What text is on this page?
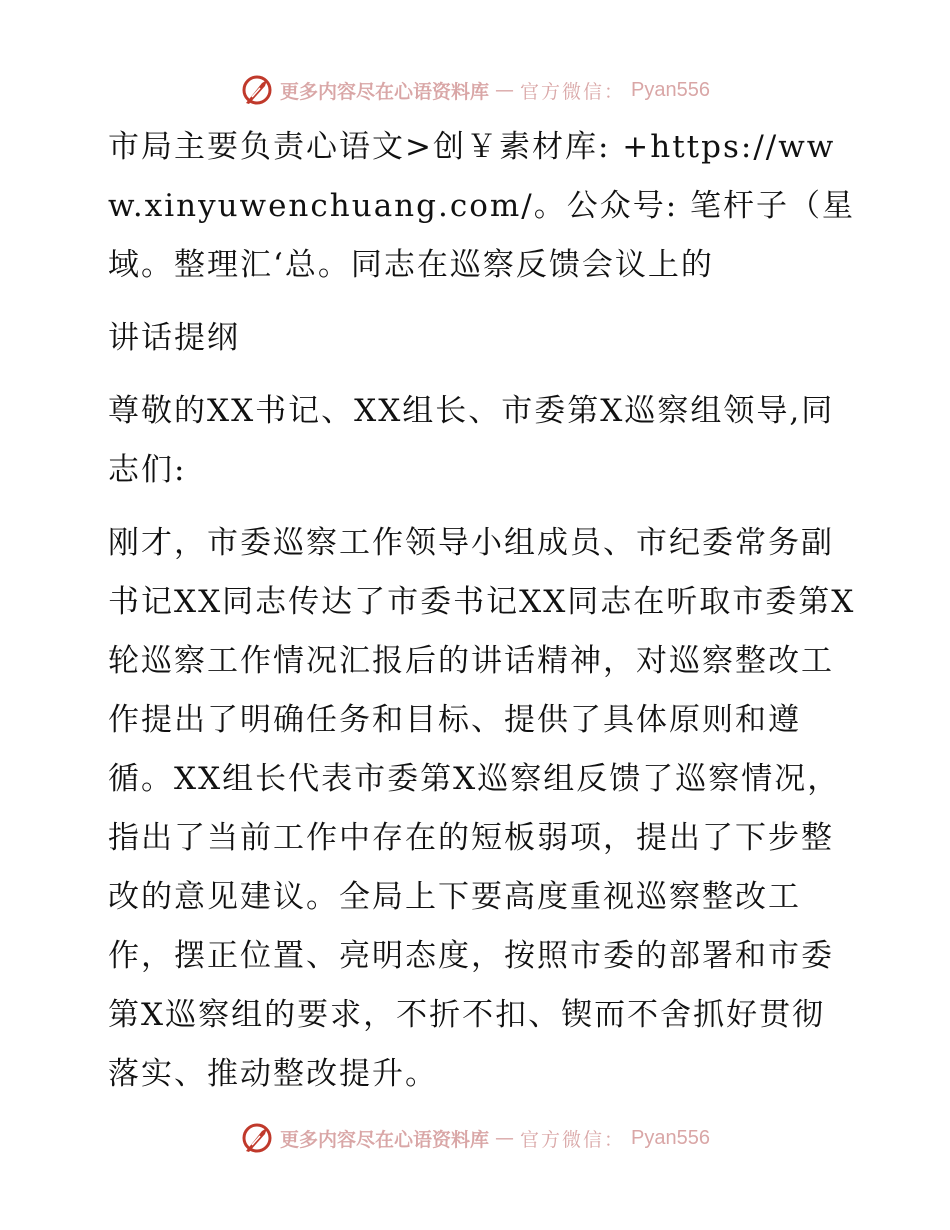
更多内容尽在心语资料库 — 官方微信： Pyan556

市局主要负责心语文>创￥素材库: +https://www.xinyuwenchuang.com/。公众号: 笔杆子（星域。整理汇‘总。同志在巡察反馈会议上的

讲话提纲

尊敬的XX书记、XX组长、市委第X巡察组领导,同志们:

刚才，市委巡察工作领导小组成员、市纪委常务副书记XX同志传达了市委书记XX同志在听取市委第X轮巡察工作情况汇报后的讲话精神，对巡察整改工作提出了明确任务和目标、提供了具体原则和遵循。XX组长代表市委第X巡察组反馈了巡察情况，指出了当前工作中存在的短板弱项，提出了下步整改的意见建议。全局上下要高度重视巡察整改工作，摆正位置、亮明态度，按照市委的部署和市委第X巡察组的要求，不折不扣、锲而不舍抓好贯彻落实、推动整改提升。

更多内容尽在心语资料库 — 官方微信： Pyan556
